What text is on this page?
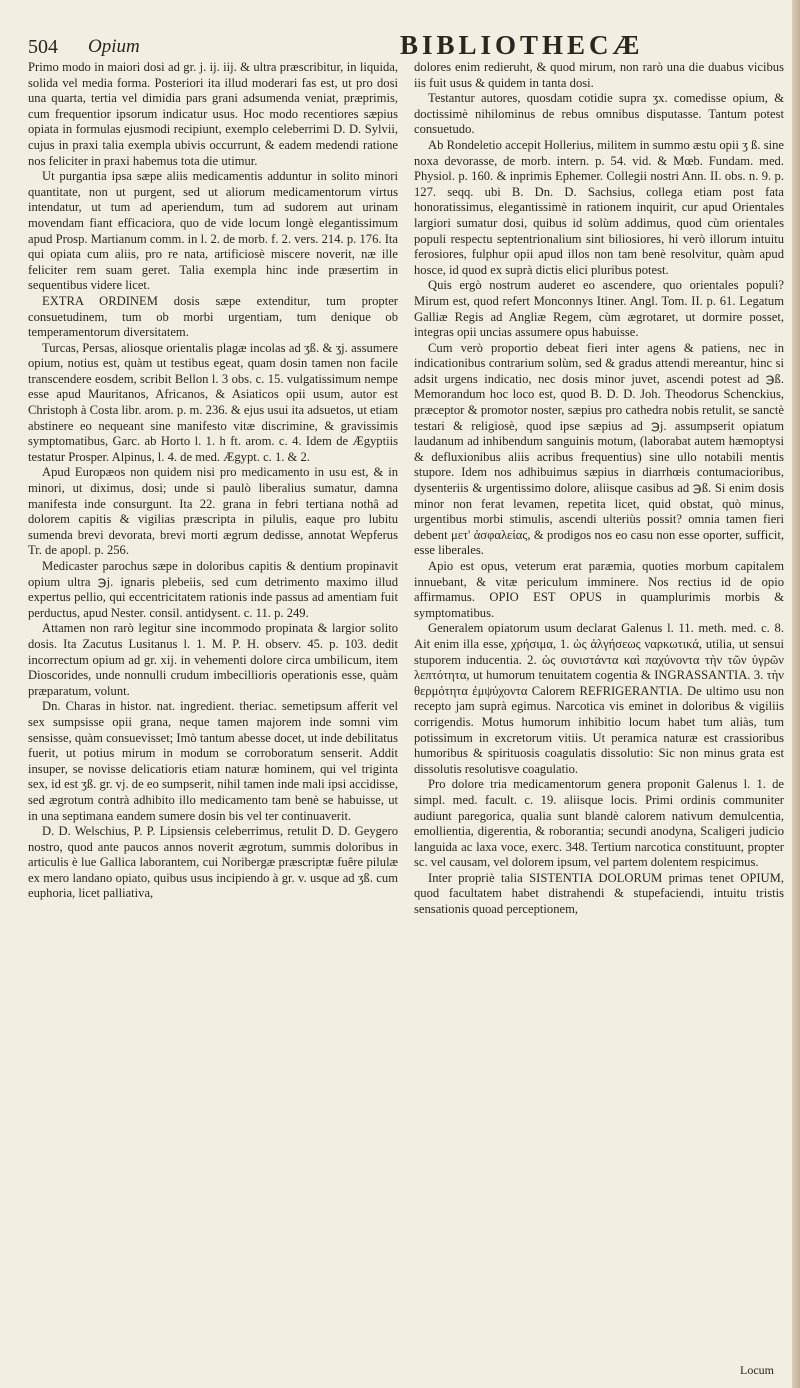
504 Opium	BIBLIOTHECÆ

Primo modo in maiori dosi ad gr. j. ij. iij. & ultra præscribitur, in liquida, solida vel media forma. Posteriori ita illud moderari fas est, ut pro dosi una quarta, tertia vel dimidia pars grani adsumenda veniat, præprimis, cum frequentior ipsorum indicatur usus. Hoc modo recentiores sæpius opiata in formulas ejusmodi recipiunt, exemplo celeberrimi D. D. Sylvii, cujus in praxi talia exempla ubivis occurrunt, & eadem medendi ratione nos feliciter in praxi habemus tota die utimur.

Ut purgantia ipsa sæpe aliis medicamentis adduntur in solito minori quantitate, non ut purgent, sed ut aliorum medicamentorum virtus intendatur, ut tum ad aperiendum, tum ad sudorem aut urinam movendam fiant efficaciora, quo de vide locum longè elegantissimum apud Prosp. Martianum comm. in l. 2. de morb. f. 2. vers. 214. p. 176. Ita qui opiata cum aliis, pro re nata, artificiosè miscere noverit, næ ille feliciter rem suam geret. Talia exempla hinc inde præsertim in sequentibus videre licet.

EXTRA ORDINEM dosis sæpe extenditur, tum propter consuetudinem, tum ob morbi urgentiam, tum denique ob temperamentorum diversitatem.

Turcas, Persas, aliosque orientalis plagæ incolas ad ʒß. & ʒj. assumere opium, notius est, quàm ut testibus egeat, quam dosin tamen non facile transcendere eosdem, scribit Bellon l. 3 obs. c. 15. vulgatissimum nempe esse apud Mauritanos, Africanos, & Asiaticos opii usum, autor est Christoph à Costa libr. arom. p. m. 236. & ejus usui ita adsuetos, ut etiam abstinere eo nequeant sine manifesto vitæ discrimine, & gravissimis symptomatibus, Garc. ab Horto l. 1. h ft. arom. c. 4. Idem de Ægyptiis testatur Prosper. Alpinus, l. 4. de med. Ægypt. c. 1. & 2.

Apud Europæos non quidem nisi pro medicamento in usu est, & in minori, ut diximus, dosi; unde si paulò liberalius sumatur, damna manifesta inde consurgunt. Ita 22. grana in febri tertiana nothâ ad dolorem capitis & vigilias præscripta in pilulis, eaque pro lubitu sumenda brevi devorata, brevi morti ægrum dedisse, annotat Wepferus Tr. de apopl. p. 256.

Medicaster parochus sæpe in doloribus capitis & dentium propinavit opium ultra ℈j. ignaris plebeiis, sed cum detrimento maximo illud expertus pellio, qui eccentricitatem rationis inde passus ad amentiam fuit perductus, apud Nester. consil. antidysent. c. 11. p. 249.

Attamen non rarò legitur sine incommodo propinata & largior solito dosis. Ita Zacutus Lusitanus l. 1. M. P. H. observ. 45. p. 103. dedit incorrectum opium ad gr. xij. in vehementi dolore circa umbilicum, item Dioscorides, unde nonnulli crudum imbecillioris operationis esse, quàm præparatum, volunt.

Dn. Charas in histor. nat. ingredient. theriac. semetipsum afferit vel sex sumpsisse opii grana, neque tamen majorem inde somni vim sensisse, quàm consuevisset; Imò tantum abesse docet, ut inde debilitatus fuerit, ut potius mirum in modum se corroboratum senserit. Addit insuper, se novisse delicatioris etiam naturæ hominem, qui vel triginta sex, id est ʒß. gr. vj. de eo sumpserit, nihil tamen inde mali ipsi accidisse, sed ægrotum contrà adhibito illo medicamento tam benè se habuisse, ut in una septimana eandem sumere dosin bis vel ter continuaverit.

D. D. Welschius, P. P. Lipsiensis celeberrimus, retulit D. D. Geygero nostro, quod ante paucos annos noverit ægrotum, summis doloribus in articulis è lue Gallica laborantem, cui Noribergæ præscriptæ fuêre pilulæ ex mero landano opiato, quibus usus incipiendo à gr. v. usque ad ʒß. cum euphoria, licet palliativa,

dolores enim redieruht, & quod mirum, non rarò una die duabus vicibus iis fuit usus & quidem in tanta dosi.

Testantur autores, quosdam cotidie supra ʒx. comedisse opium, & doctissimè nihilominus de rebus omnibus disputasse. Tantum potest consuetudo.

Ab Rondeletio accepit Hollerius, militem in summo æstu opii ʒ ß. sine noxa devorasse, de morb. intern. p. 54. vid. & Mœb. Fundam. med. Physiol. p. 160. & inprimis Ephemer. Collegii nostri Ann. II. obs. n. 9. p. 127. seqq. ubi B. Dn. D. Sachsius, collega etiam post fata honoratissimus, elegantissimè in rationem inquirit, cur apud Orientales largiori sumatur dosi, quibus id solùm addimus, quod cùm orientales populi respectu septentrionalium sint biliosiores, hi verò illorum intuitu ferosiores, fulphur opii apud illos non tam benè resolvitur, quàm apud hosce, id quod ex suprà dictis elici pluribus potest.

Quis ergò nostrum auderet eo ascendere, quo orientales populi? Mirum est, quod refert Monconnys Itiner. Angl. Tom. II. p. 61. Legatum Galliæ Regis ad Angliæ Regem, cùm ægrotaret, ut dormire posset, integras opii uncias assumere opus habuisse.

Cum verò proportio debeat fieri inter agens & patiens, nec in indicationibus contrarium solùm, sed & gradus attendi mereantur, hinc si adsit urgens indicatio, nec dosis minor juvet, ascendi potest ad ℈ß. Memorandum hoc loco est, quod B. D. D. Joh. Theodorus Schenckius, præceptor & promotor noster, sæpius pro cathedra nobis retulit, se sanctè testari & religiosè, quod ipse sæpius ad ℈j. assumpserit opiatum laudanum ad inhibendum sanguinis motum, (laborabat autem hæmoptysi & defluxionibus aliis acribus frequentius) sine ullo notabili mentis stupore. Idem nos adhibuimus sæpius in diarrhœis contumacioribus, dysenteriis & urgentissimo dolore, aliisque casibus ad ℈ß. Si enim dosis minor non ferat levamen, repetita licet, quid obstat, quò minus, urgentibus morbi stimulis, ascendi ulteriùs possit? omnia tamen fieri debent μετ' ἀσφαλείας, & prodigos nos eo casu non esse oporter, sufficit, esse liberales.

Apio est opus, veterum erat paræmia, quoties morbum capitalem innuebant, & vitæ periculum imminere. Nos rectius id de opio affirmamus. OPIO EST OPUS in quamplurimis morbis & symptomatibus.

Generalem opiatorum usum declarat Galenus l. 11. meth. med. c. 8. Ait enim illa esse, χρήσιμα, 1. ὡς ἀλγήσεως ναρκωτικά, utilia, ut sensui stuporem inducentia. 2. ὡς συνιστάντα καὶ παχύνοντα τὴν τῶν ὑγρῶν λεπτότητα, ut humorum tenuitatem cogentia & INGRASSANTIA. 3. τὴν θερμότητα ἐμψύχοντα Calorem REFRIGERANTIA. De ultimo usu non recepto jam suprà egimus. Narcotica vis eminet in doloribus & vigiliis corrigendis. Motus humorum inhibitio locum habet tum aliàs, tum potissimum in excretorum vitiis. Ut peramica naturæ est crassioribus humoribus & spirituosis coagulatis dissolutio: Sic non minus grata est dissolutis resolutisve coagulatio.

Pro dolore tria medicamentorum genera proponit Galenus l. 1. de simpl. med. facult. c. 19. aliisque locis. Primi ordinis communiter audiunt paregorica, qualia sunt blandè calorem nativum demulcentia, emollientia, digerentia, & roborantia; secundi anodyna, Scaligeri judicio languida ac laxa voce, exerc. 348. Tertium narcotica constituunt, propter sc. vel causam, vel dolorem ipsum, vel partem dolentem respicimus.

Inter propriè talia SISTENTIA DOLORUM primas tenet OPIUM, quod facultatem habet distrahendi & stupefaciendi, intuitu tristis sensationis quoad perceptionem,

Locum
